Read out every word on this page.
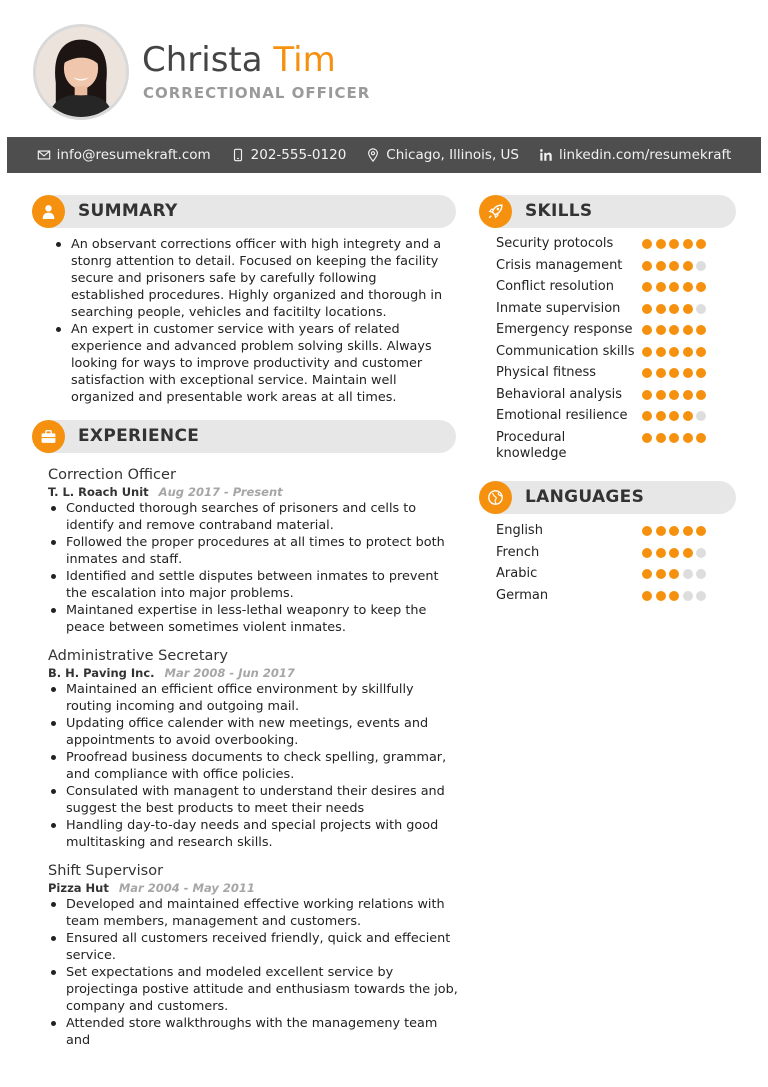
Christa Tim
CORRECTIONAL OFFICER
info@resumekraft.com	202-555-0120	Chicago, Illinois, US	linkedin.com/resumekraft
SUMMARY
An observant corrections officer with high integrety and a stonrg attention to detail. Focused on keeping the facility secure and prisoners safe by carefully following established procedures. Highly organized and thorough in searching people, vehicles and facitilty locations.
An expert in customer service with years of related experience and advanced problem solving skills. Always looking for ways to improve productivity and customer satisfaction with exceptional service. Maintain well organized and presentable work areas at all times.
EXPERIENCE
Correction Officer
T. L. Roach Unit Aug 2017 - Present
Conducted thorough searches of prisoners and cells to identify and remove contraband material.
Followed the proper procedures at all times to protect both inmates and staff.
Identified and settle disputes between inmates to prevent the escalation into major problems.
Maintaned expertise in less-lethal weaponry to keep the peace between sometimes violent inmates.
Administrative Secretary
B. H. Paving Inc. Mar 2008 - Jun 2017
Maintained an efficient office environment by skillfully routing incoming and outgoing mail.
Updating office calender with new meetings, events and appointments to avoid overbooking.
Proofread business documents to check spelling, grammar, and compliance with office policies.
Consulated with managent to understand their desires and suggest the best products to meet their needs
Handling day-to-day needs and special projects with good multitasking and research skills.
Shift Supervisor
Pizza Hut Mar 2004 - May 2011
Developed and maintained effective working relations with team members, management and customers.
Ensured all customers received friendly, quick and effecient service.
Set expectations and modeled excellent service by projectinga postive attitude and enthusiasm towards the job, company and customers.
Attended store walkthroughs with the managemeny team and
SKILLS
Security protocols
Crisis management
Conflict resolution
Inmate supervision
Emergency response
Communication skills
Physical fitness
Behavioral analysis
Emotional resilience
Procedural knowledge
LANGUAGES
English
French
Arabic
German
